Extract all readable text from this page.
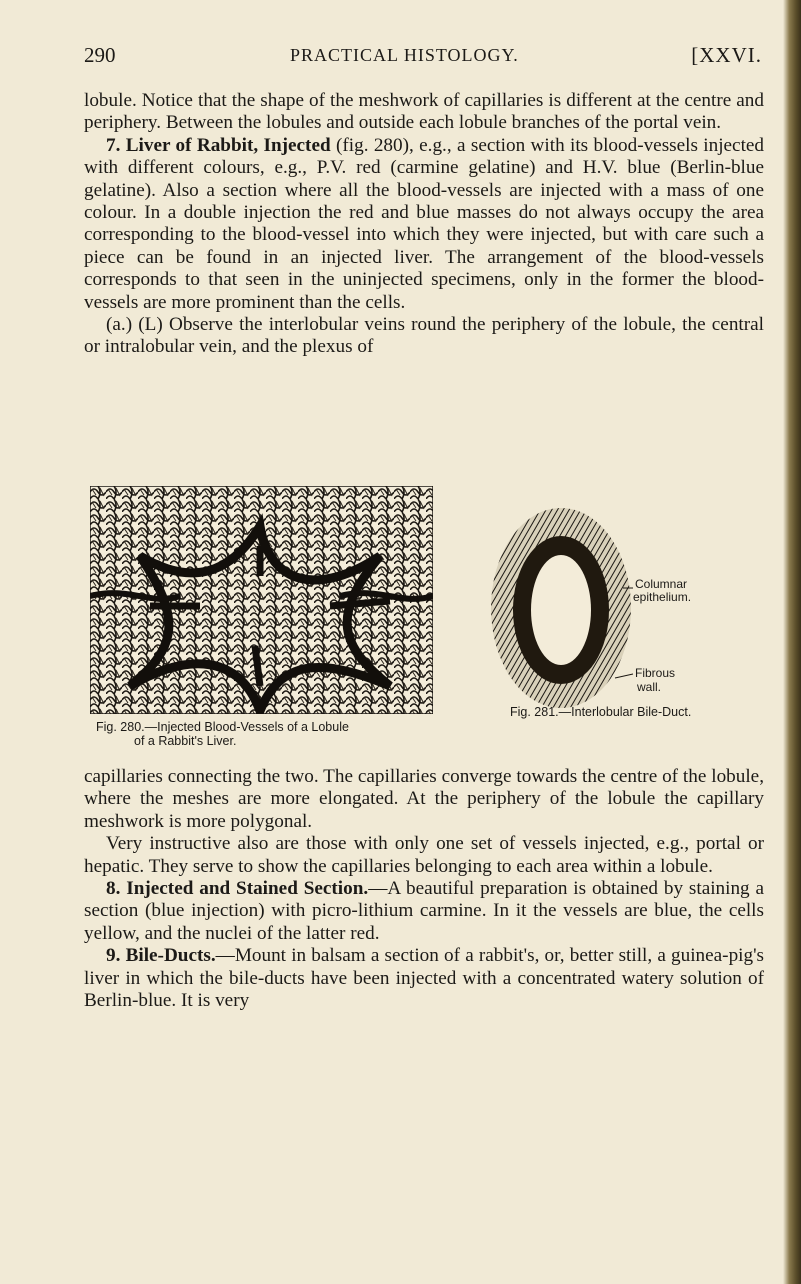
290	PRACTICAL HISTOLOGY.	[XXVI.

lobule. Notice that the shape of the meshwork of capillaries is different at the centre and periphery. Between the lobules and outside each lobule branches of the portal vein.

7. Liver of Rabbit, Injected (fig. 280), e.g., a section with its blood-vessels injected with different colours, e.g., P.V. red (carmine gelatine) and H.V. blue (Berlin-blue gelatine). Also a section where all the blood-vessels are injected with a mass of one colour. In a double injection the red and blue masses do not always occupy the area corresponding to the blood-vessel into which they were injected, but with care such a piece can be found in an injected liver. The arrangement of the blood-vessels corresponds to that seen in the uninjected specimens, only in the former the blood-vessels are more prominent than the cells.

(a.) (L) Observe the interlobular veins round the periphery of the lobule, the central or intralobular vein, and the plexus of

Fig. 280.—Injected Blood-Vessels of a Lobule
of a Rabbit's Liver.
Columnar
epithelium.
Fibrous
wall.
Fig. 281.—Interlobular Bile-Duct.

capillaries connecting the two. The capillaries converge towards the centre of the lobule, where the meshes are more elongated. At the periphery of the lobule the capillary meshwork is more polygonal.

Very instructive also are those with only one set of vessels injected, e.g., portal or hepatic. They serve to show the capillaries belonging to each area within a lobule.

8. Injected and Stained Section.—A beautiful preparation is obtained by staining a section (blue injection) with picro-lithium carmine. In it the vessels are blue, the cells yellow, and the nuclei of the latter red.

9. Bile-Ducts.—Mount in balsam a section of a rabbit's, or, better still, a guinea-pig's liver in which the bile-ducts have been injected with a concentrated watery solution of Berlin-blue. It is very
